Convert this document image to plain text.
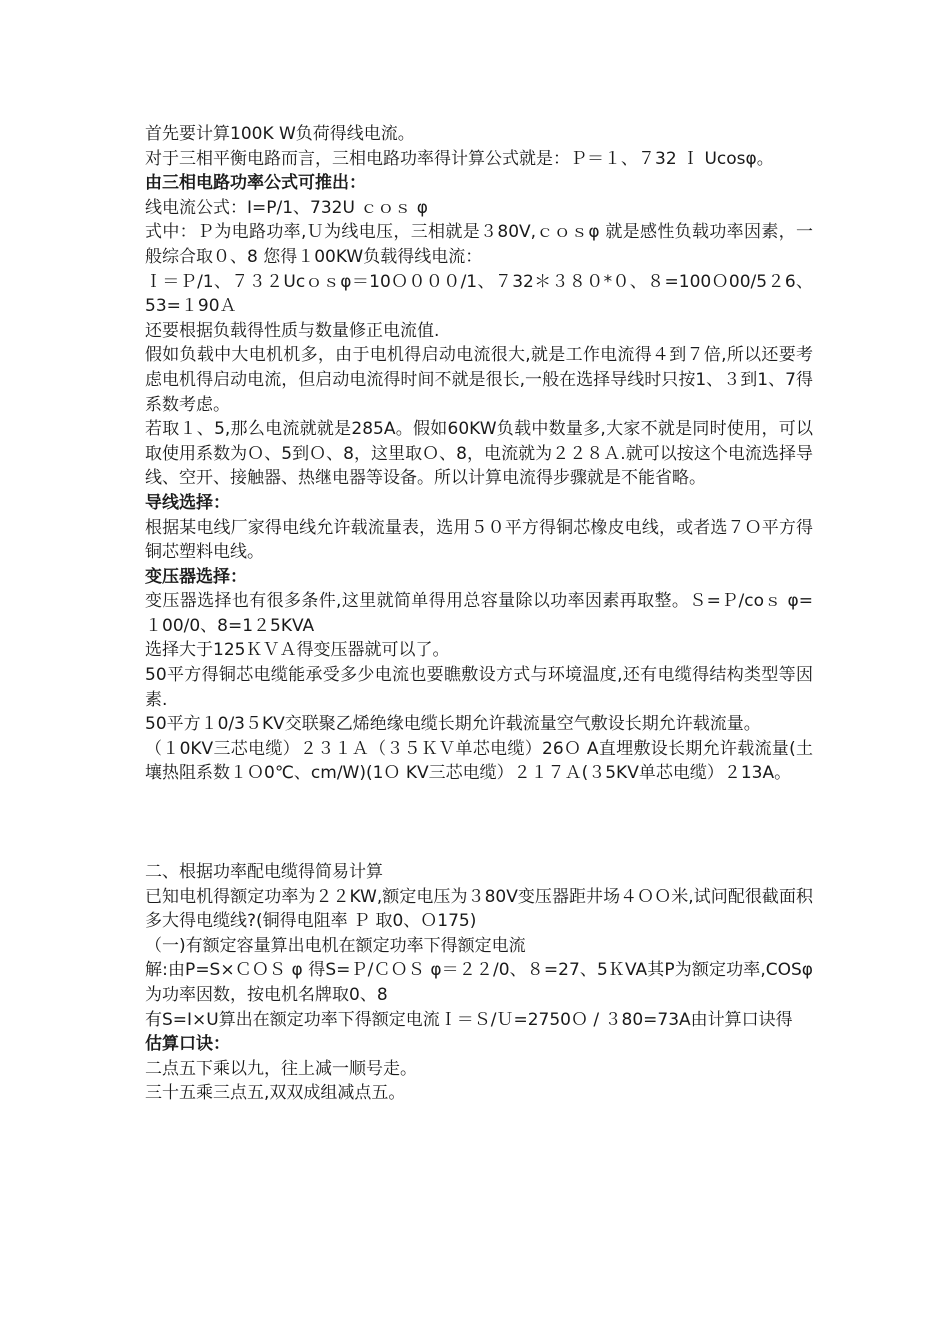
首先要计算100K W负荷得线电流。

对于三相平衡电路而言，三相电路功率得计算公式就是：Ｐ＝１、７32 Ｉ Ucosφ。

由三相电路功率公式可推出：

线电流公式：I=P/1、732U ｃｏｓ φ

式中：Ｐ为电路功率,Ｕ为线电压，三相就是３80V,ｃｏｓφ 就是感性负载功率因素，一般综合取０、8 您得１00KW负载得线电流：

Ｉ＝Ｐ/1、７３２Ucｏｓφ＝10Ｏ０００/1、７32＊３８０*０、８=100Ｏ00/5２6、53=１90Ａ

还要根据负载得性质与数量修正电流值.

假如负载中大电机机多，由于电机得启动电流很大,就是工作电流得４到７倍,所以还要考虑电机得启动电流，但启动电流得时间不就是很长,一般在选择导线时只按1、３到1、7得系数考虑。

若取１、5,那么电流就就是285A。假如60KW负载中数量多,大家不就是同时使用，可以取使用系数为Ｏ、5到Ｏ、8，这里取Ｏ、8，电流就为２２８Ａ.就可以按这个电流选择导线、空开、接触器、热继电器等设备。所以计算电流得步骤就是不能省略。

导线选择：

根据某电线厂家得电线允许载流量表，选用５０平方得铜芯橡皮电线，或者选７Ｏ平方得铜芯塑料电线。

变压器选择：

变压器选择也有很多条件,这里就简单得用总容量除以功率因素再取整。Ｓ=Ｐ/coｓ φ=１00/0、8=1２5KVA

选择大于125ＫＶＡ得变压器就可以了。

50平方得铜芯电缆能承受多少电流也要瞧敷设方式与环境温度,还有电缆得结构类型等因素.

50平方１0/3５KV交联聚乙烯绝缘电缆长期允许载流量空气敷设长期允许载流量。

（１0KV三芯电缆）２３１Ａ（３５ＫＶ单芯电缆）26Ｏ A直埋敷设长期允许载流量(土壤热阻系数１Ｏ0℃、cm/W)(1Ｏ KV三芯电缆）２１７Ａ(３5KV单芯电缆）２13A。

二、根据功率配电缆得简易计算

已知电机得额定功率为２２KW,额定电压为３80V变压器距井场４ＯＯ米,试问配很截面积多大得电缆线?(铜得电阻率 Ｐ 取0、Ｏ175)

（一)有额定容量算出电机在额定功率下得额定电流

解:由P=S×ＣＯＳ φ 得S=Ｐ/ＣＯＳ φ＝２２/0、８=27、5ＫVA其P为额定功率,COSφ 为功率因数，按电机名牌取0、8

有S=I×U算出在额定功率下得额定电流Ｉ＝Ｓ/Ｕ=2750Ｏ / ３80=73A由计算口诀得

估算口诀：

二点五下乘以九，往上减一顺号走。

三十五乘三点五,双双成组减点五。
